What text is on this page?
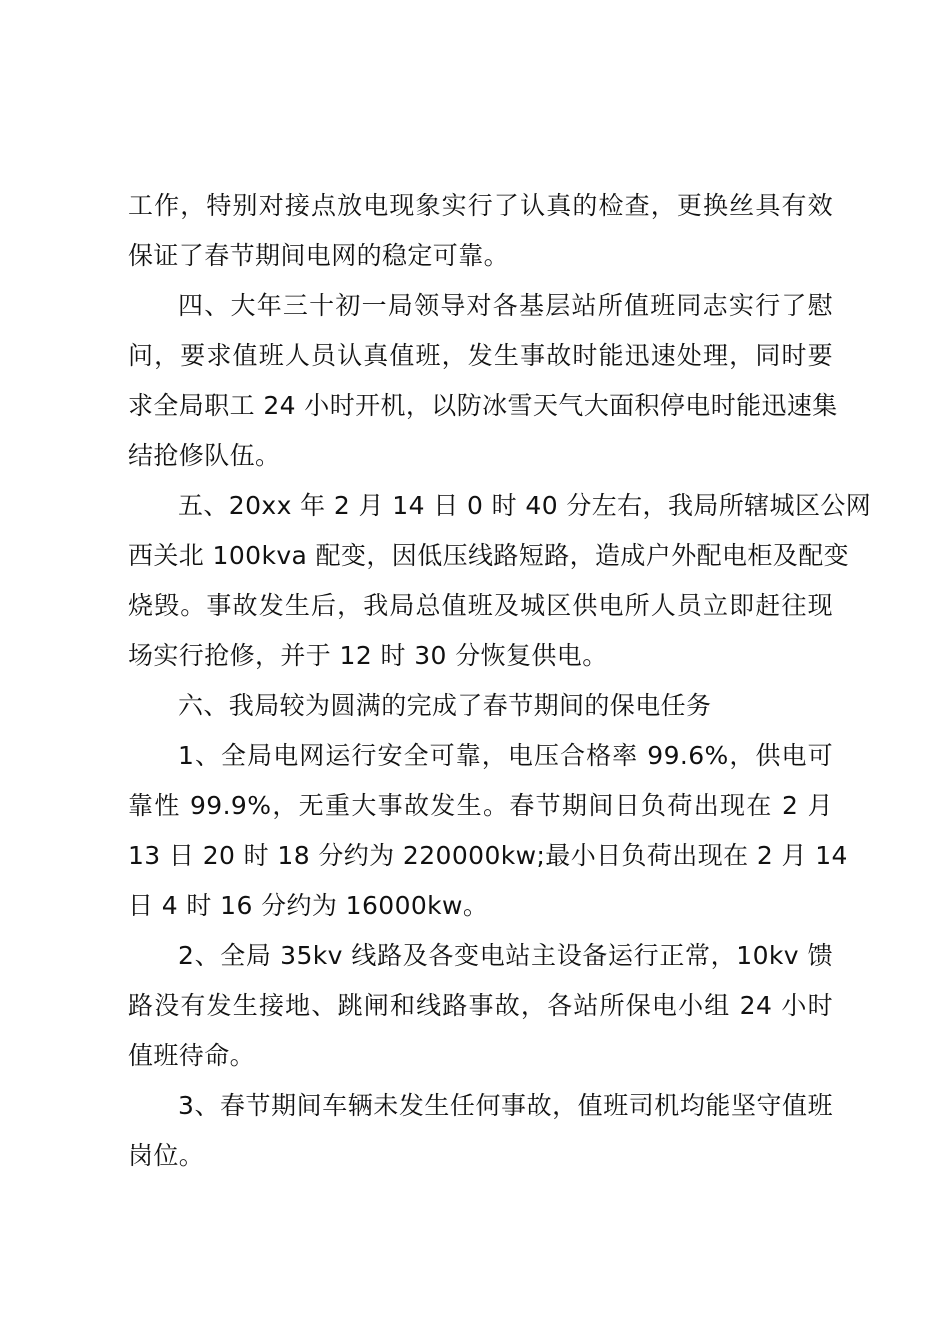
工作，特别对接点放电现象实行了认真的检查，更换丝具有效
保证了春节期间电网的稳定可靠。
四、大年三十初一局领导对各基层站所值班同志实行了慰
问，要求值班人员认真值班，发生事故时能迅速处理，同时要
求全局职工 24 小时开机，以防冰雪天气大面积停电时能迅速集
结抢修队伍。
五、20xx 年 2 月 14 日 0 时 40 分左右，我局所辖城区公网
西关北 100kva 配变，因低压线路短路，造成户外配电柜及配变
烧毁。事故发生后，我局总值班及城区供电所人员立即赶往现
场实行抢修，并于 12 时 30 分恢复供电。
六、我局较为圆满的完成了春节期间的保电任务
1、全局电网运行安全可靠，电压合格率 99.6%，供电可
靠性 99.9%，无重大事故发生。春节期间日负荷出现在 2 月
13 日 20 时 18 分约为 220000kw;最小日负荷出现在 2 月 14
日 4 时 16 分约为 16000kw。
2、全局 35kv 线路及各变电站主设备运行正常，10kv 馈
路没有发生接地、跳闸和线路事故，各站所保电小组 24 小时
值班待命。
3、春节期间车辆未发生任何事故，值班司机均能坚守值班
岗位。
